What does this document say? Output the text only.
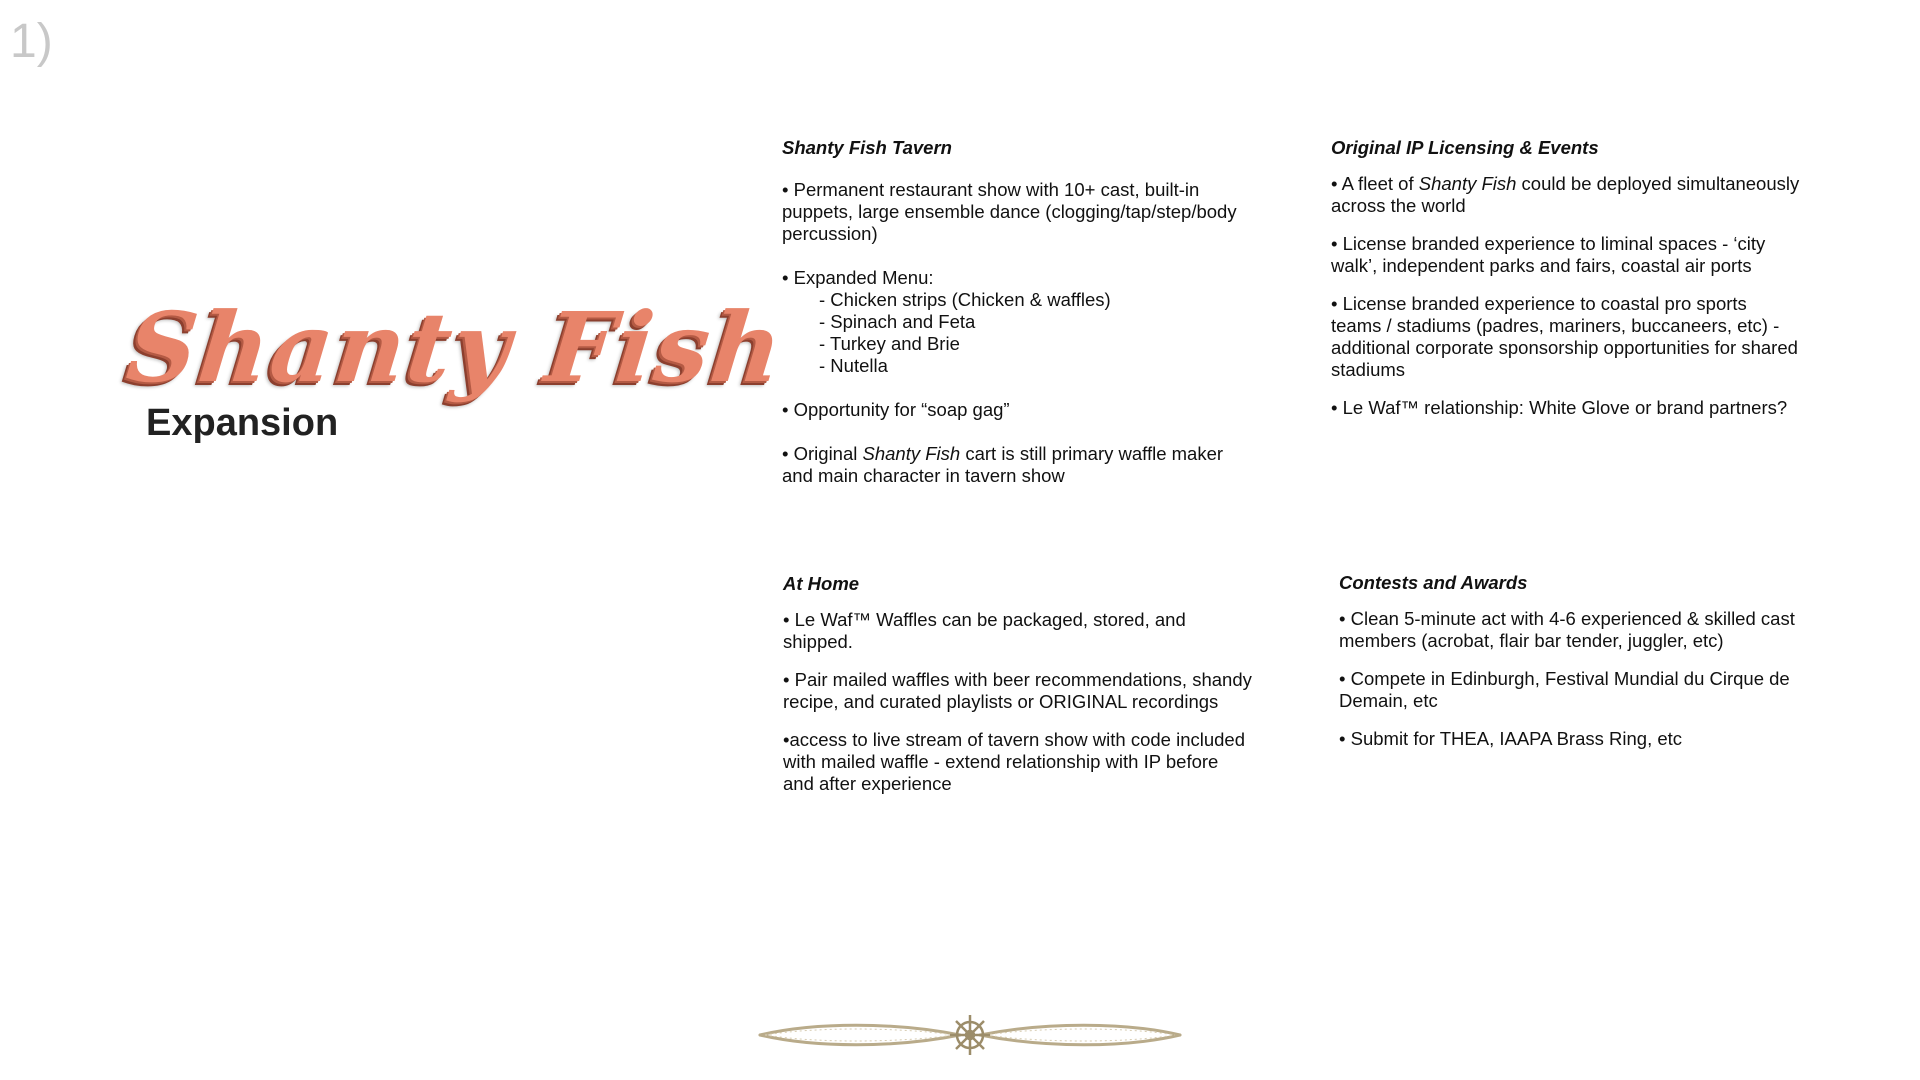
1)
Shanty Fish
Expansion
Shanty Fish Tavern

• Permanent restaurant show with 10+ cast, built-in puppets, large ensemble dance (clogging/tap/step/body percussion)

• Expanded Menu:
- Chicken strips (Chicken & waffles)
- Spinach and Feta
- Turkey and Brie
- Nutella

• Opportunity for “soap gag”

• Original Shanty Fish cart is still primary waffle maker and main character in tavern show

Original IP Licensing & Events

• A fleet of Shanty Fish could be deployed simultaneously across the world

• License branded experience to liminal spaces - ‘city walk’, independent parks and fairs, coastal air ports

• License branded experience to coastal pro sports teams / stadiums (padres, mariners, buccaneers, etc) - additional corporate sponsorship opportunities for shared stadiums

• Le Waf™ relationship: White Glove or brand partners?

At Home

• Le Waf™ Waffles can be packaged, stored, and shipped.

• Pair mailed waffles with beer recommendations, shandy recipe, and curated playlists or ORIGINAL recordings

•access to live stream of tavern show with code included with mailed waffle - extend relationship with IP before and after experience

Contests and Awards

• Clean 5-minute act with 4-6 experienced & skilled cast members (acrobat, flair bar tender, juggler, etc)

• Compete in Edinburgh, Festival Mundial du Cirque de Demain, etc

• Submit for THEA, IAAPA Brass Ring, etc
